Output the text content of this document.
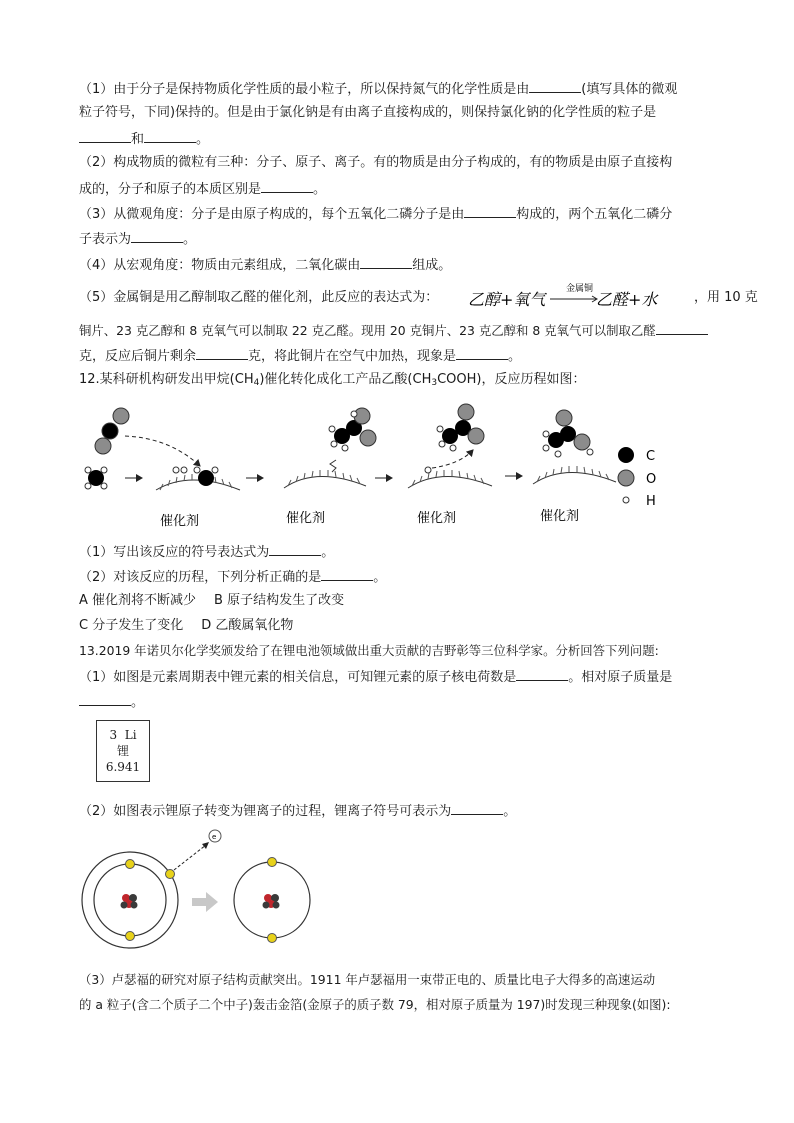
（1）由于分子是保持物质化学性质的最小粒子，所以保持氮气的化学性质是由	(填写具体的微观
粒子符号，下同)保持的。但是由于氯化钠是有由离子直接构成的，则保持氯化钠的化学性质的粒子是
和	。
（2）构成物质的微粒有三种：分子、原子、离子。有的物质是由分子构成的，有的物质是由原子直接构
成的，分子和原子的本质区别是	。
（3）从微观角度：分子是由原子构成的，每个五氧化二磷分子是由	构成的，两个五氧化二磷分
子表示为	。
（4）从宏观角度：物质由元素组成，二氧化碳由	组成。
（5）金属铜是用乙醇制取乙醛的催化剂，此反应的表达式为： 乙醇+氧气
金属铜
乙醛+水	，用 10 克
铜片、23 克乙醇和 8 克氧气可以制取 22 克乙醛。现用 20 克铜片、23 克乙醇和 8 克氧气可以制取乙醛
克，反应后铜片剩余	克，将此铜片在空气中加热，现象是	。
12.某科研机构研发出甲烷$(CH_4)$催化转化成化工产品乙酸$(CH_3COOH)$，反应历程如图：
催化剂	催化剂	催化剂	催化剂
C
O
H
（1）写出该反应的符号表达式为	。
（2）对该反应的历程，下列分析正确的是	。
A 催化剂将不断减少 B 原子结构发生了改变
C 分子发生了变化 D 乙酸属氧化物
13.2019 年诺贝尔化学奖颁发给了在锂电池领域做出重大贡献的吉野彰等三位科学家。分析回答下列问题:
（1）如图是元素周期表中锂元素的相关信息，可知锂元素的原子核电荷数是	。相对原子质量是
。
3 Li
锂
6.941
（2）如图表示锂原子转变为锂离子的过程，锂离子符号可表示为	。
e
（3）卢瑟福的研究对原子结构贡献突出。1911 年卢瑟福用一束带正电的、质量比电子大得多的高速运动
的 a 粒子(含二个质子二个中子)轰击金箔(金原子的质子数 79，相对原子质量为 197)时发现三种现象(如图):
